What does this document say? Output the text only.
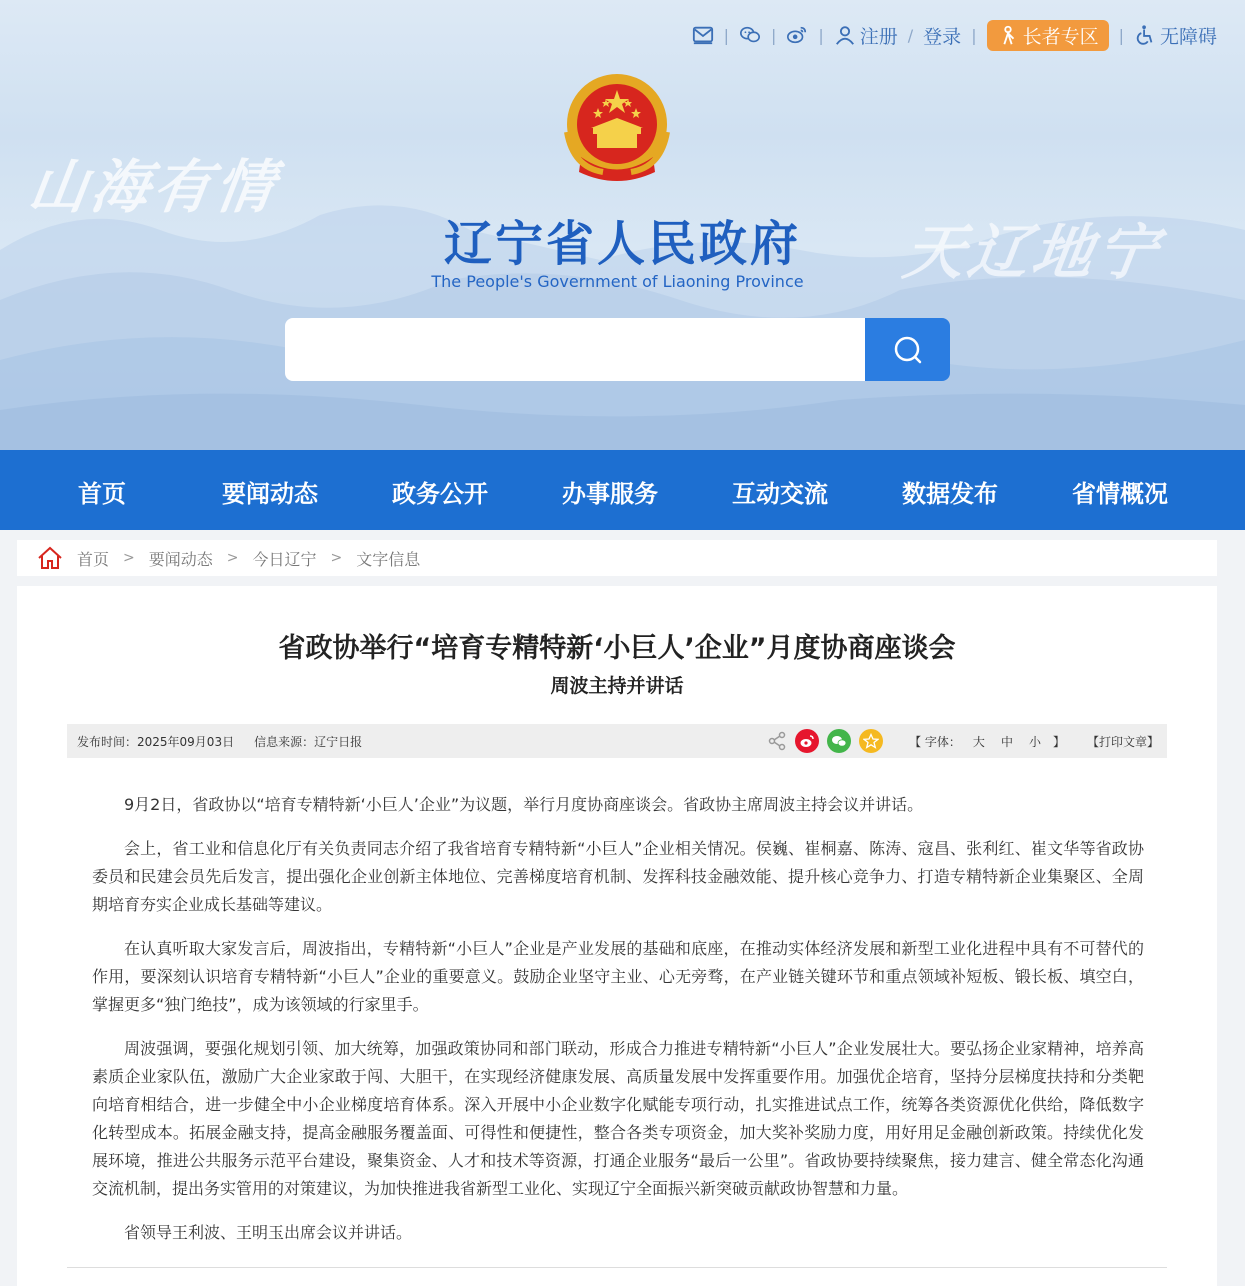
山海有情
天辽地宁
|	|	| 注册 / 登录 | 长者专区 | 无障碍
辽宁省人民政府
The People's Government of Liaoning Province
首页	要闻动态	政务公开	办事服务	互动交流	数据发布	省情概况
首页 > 要闻动态 > 今日辽宁 > 文字信息
省政协举行“培育专精特新‘小巨人’企业”月度协商座谈会
周波主持并讲话
发布时间：2025年09月03日 信息来源：辽宁日报	【 字体： 大 中 小 】 【打印文章】

9月2日，省政协以“培育专精特新‘小巨人’企业”为议题，举行月度协商座谈会。省政协主席周波主持会议并讲话。

会上，省工业和信息化厅有关负责同志介绍了我省培育专精特新“小巨人”企业相关情况。侯巍、崔桐嘉、陈涛、寇昌、张利红、崔文华等省政协委员和民建会员先后发言，提出强化企业创新主体地位、完善梯度培育机制、发挥科技金融效能、提升核心竞争力、打造专精特新企业集聚区、全周期培育夯实企业成长基础等建议。

在认真听取大家发言后，周波指出，专精特新“小巨人”企业是产业发展的基础和底座，在推动实体经济发展和新型工业化进程中具有不可替代的作用，要深刻认识培育专精特新“小巨人”企业的重要意义。鼓励企业坚守主业、心无旁骛，在产业链关键环节和重点领域补短板、锻长板、填空白，掌握更多“独门绝技”，成为该领域的行家里手。

周波强调，要强化规划引领、加大统筹，加强政策协同和部门联动，形成合力推进专精特新“小巨人”企业发展壮大。要弘扬企业家精神，培养高素质企业家队伍，激励广大企业家敢于闯、大胆干，在实现经济健康发展、高质量发展中发挥重要作用。加强优企培育，坚持分层梯度扶持和分类靶向培育相结合，进一步健全中小企业梯度培育体系。深入开展中小企业数字化赋能专项行动，扎实推进试点工作，统筹各类资源优化供给，降低数字化转型成本。拓展金融支持，提高金融服务覆盖面、可得性和便捷性，整合各类专项资金，加大奖补奖励力度，用好用足金融创新政策。持续优化发展环境，推进公共服务示范平台建设，聚集资金、人才和技术等资源，打通企业服务“最后一公里”。省政协要持续聚焦，接力建言、健全常态化沟通交流机制，提出务实管用的对策建议，为加快推进我省新型工业化、实现辽宁全面振兴新突破贡献政协智慧和力量。

省领导王利波、王明玉出席会议并讲话。
